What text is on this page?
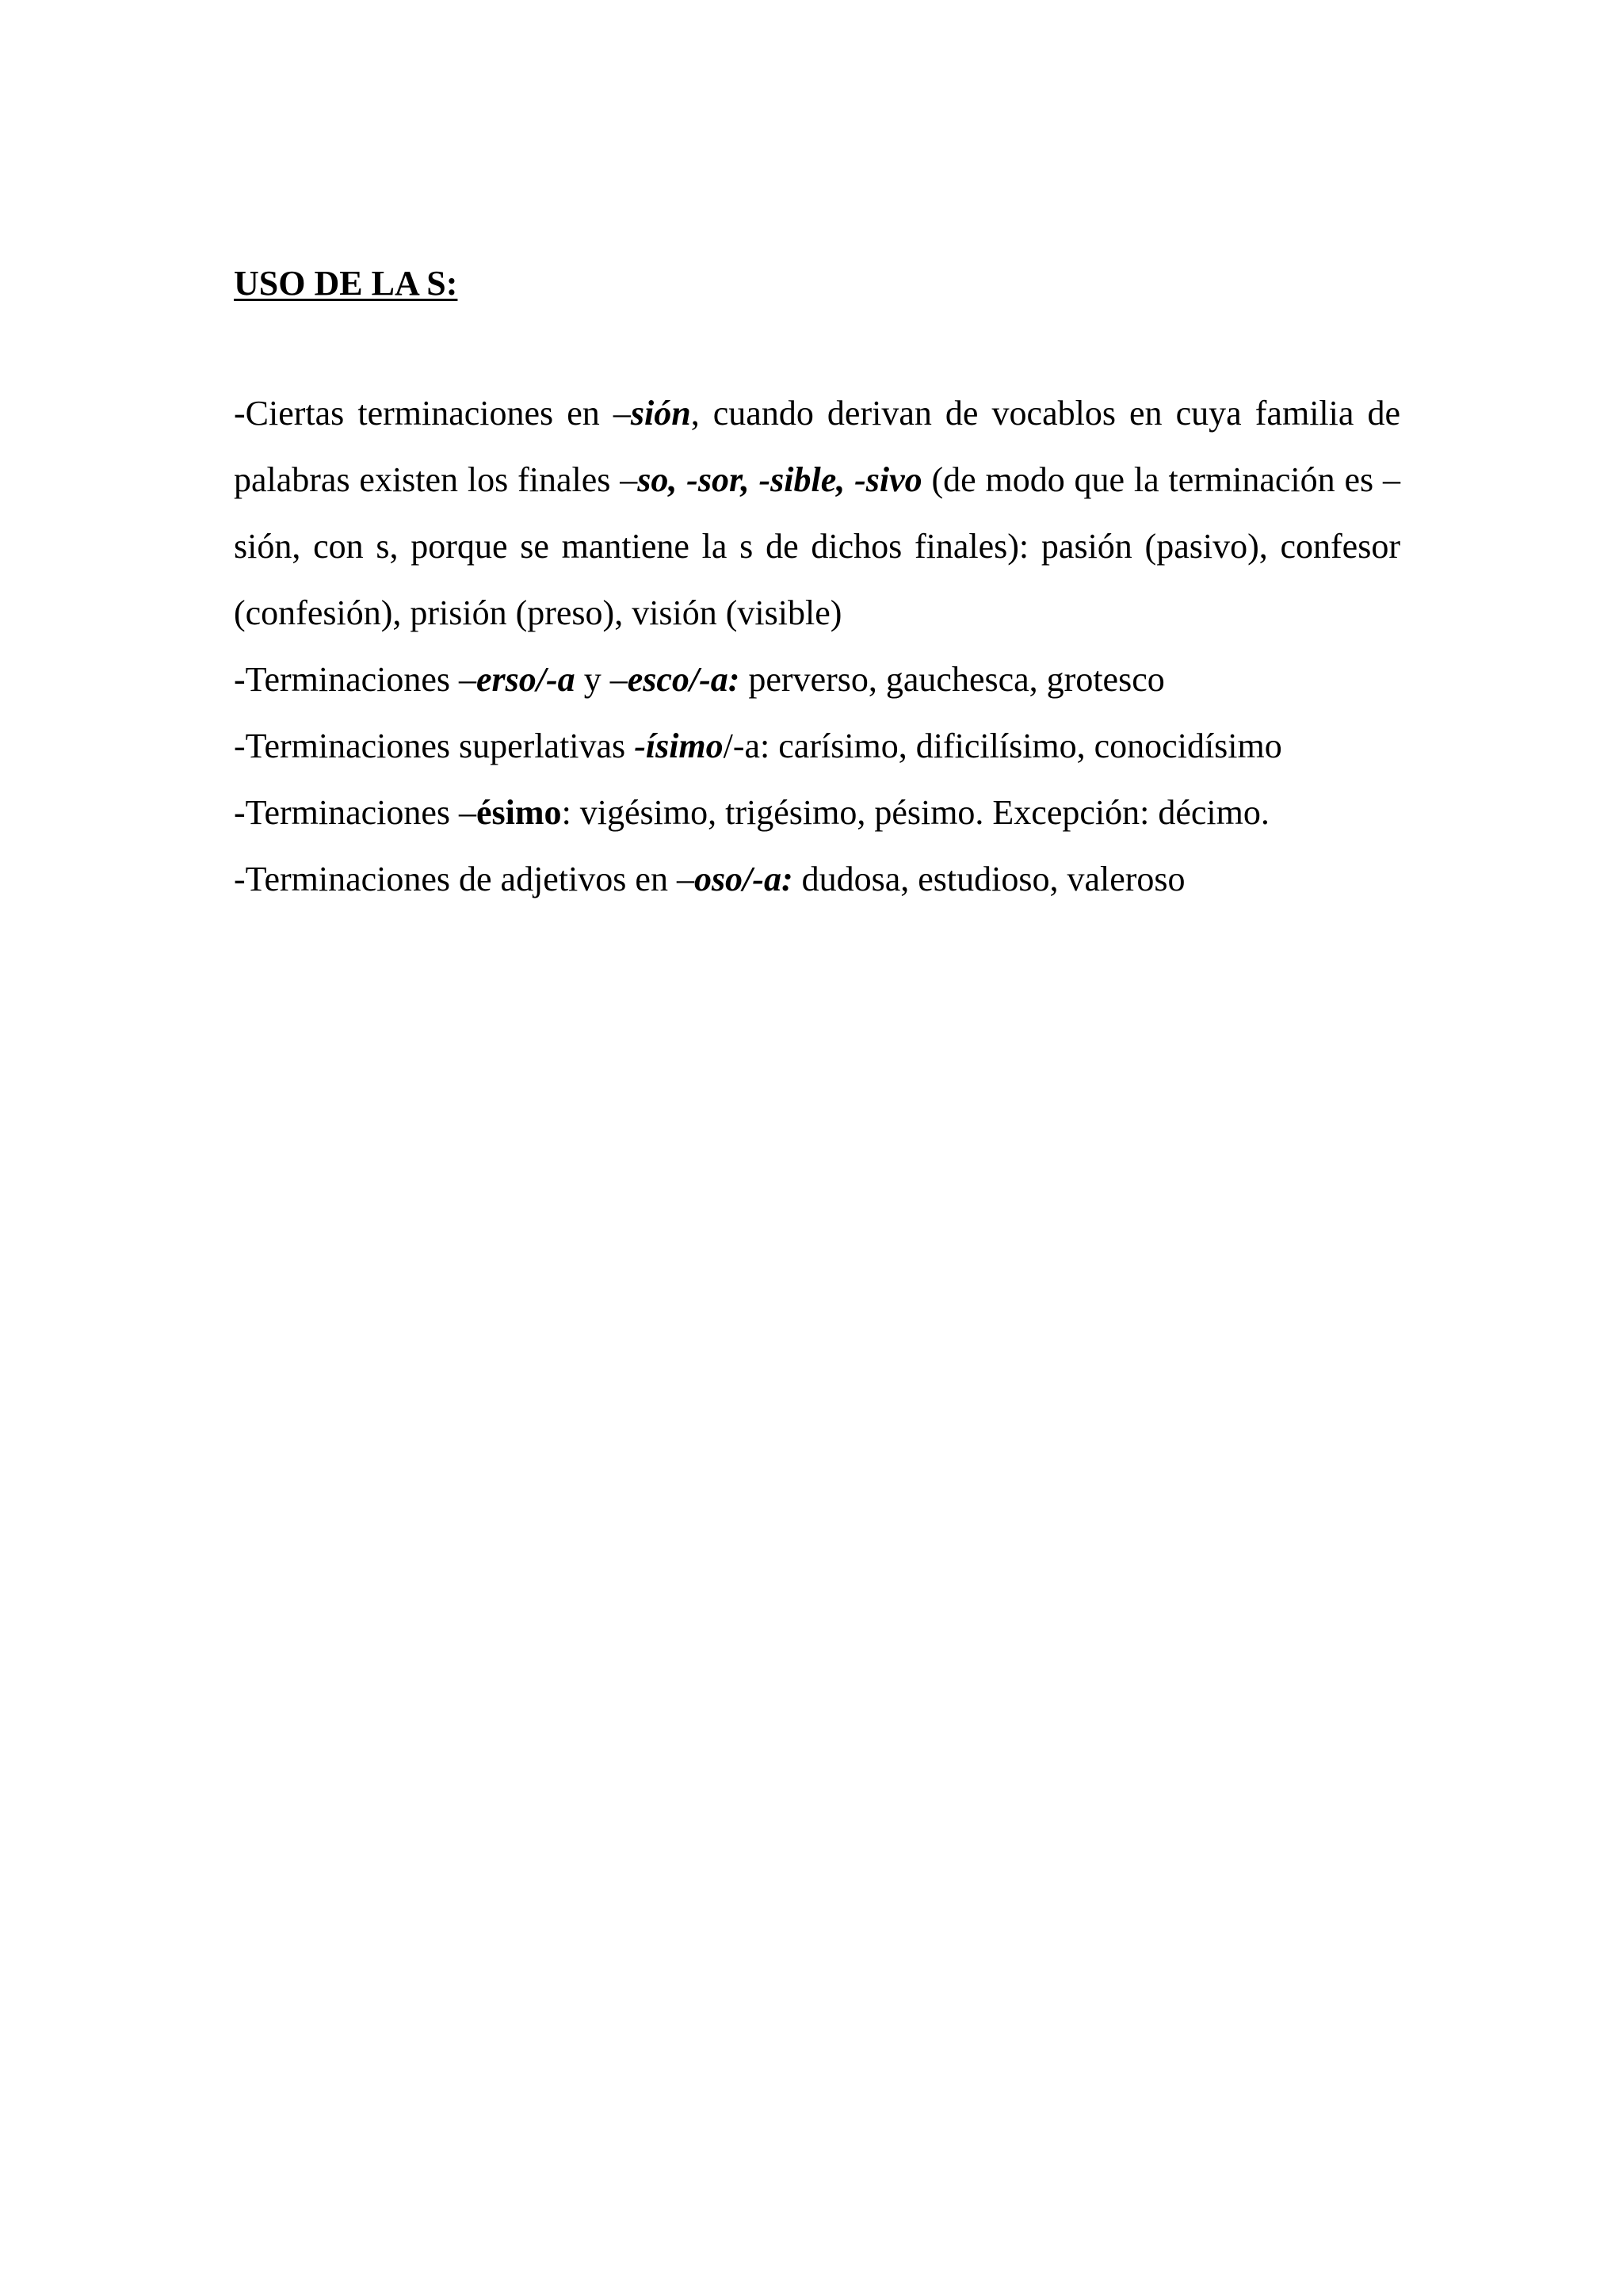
USO DE LA S:

-Ciertas terminaciones en –sión, cuando derivan de vocablos en cuya familia de palabras existen los finales –so, -sor, -sible, -sivo (de modo que la terminación es –sión, con s, porque se mantiene la s de dichos finales): pasión (pasivo), confesor (confesión), prisión (preso), visión (visible)

-Terminaciones –erso/-a y –esco/-a: perverso, gauchesca, grotesco

-Terminaciones superlativas -ísimo/-a: carísimo, dificilísimo, conocidísimo

-Terminaciones –ésimo: vigésimo, trigésimo, pésimo. Excepción: décimo.

-Terminaciones de adjetivos en –oso/-a: dudosa, estudioso, valeroso
